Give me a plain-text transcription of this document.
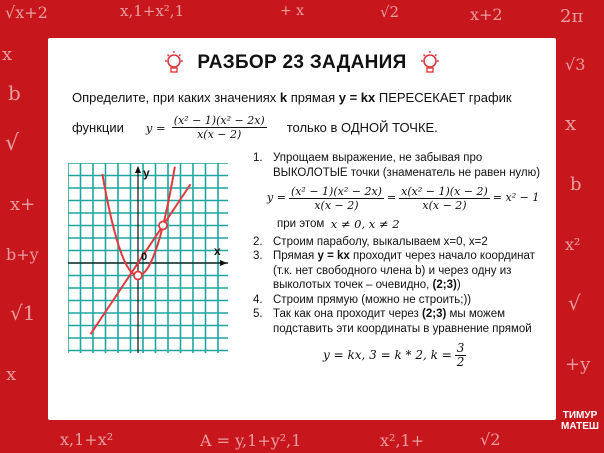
√x+2	x,1+x²,1	+ x	√2	x+2	2π
x
b
√
x+
b+y
√1
x
√3
x
b
x²
√
+y
x,1+x²	A = y,1+y²,1	x²,1+	√2
РАЗБОР 23 ЗАДАНИЯ
Определите, при каких значениях k прямая y = kx ПЕРЕСЕКАЕТ график
функции $y = \frac{\text{(x² − 1)(x² − 2x)}}{x(x - 2)}$ только в ОДНОЙ ТОЧКЕ.
y
x
0
1. Упрощаем выражение, не забывая про ВЫКОЛОТЫЕ точки (знаменатель не равен нулю)
$y = \frac{\text{(x² − 1)(x² − 2x)}}{x(x - 2)} = \frac{\text{x(x² − 1)(x − 2)}}{x(x - 2)} = x^2 - 1$
при этом
x ≠ 0, x ≠ 2
2. Строим параболу, выкалываем x=0, x=2
3. Прямая y = kx проходит через начало координат (т.к. нет свободного члена b) и через одну из выколотых точек – очевидно, (2;3))
4. Строим прямую (можно не строить;))
5. Так как она проходит через (2;3) мы можем подставить эти координаты в уравнение прямой
y = kx, 3 = k * 2, $k = \frac{3}{2}$
ТИМУР
МАТЕШ
